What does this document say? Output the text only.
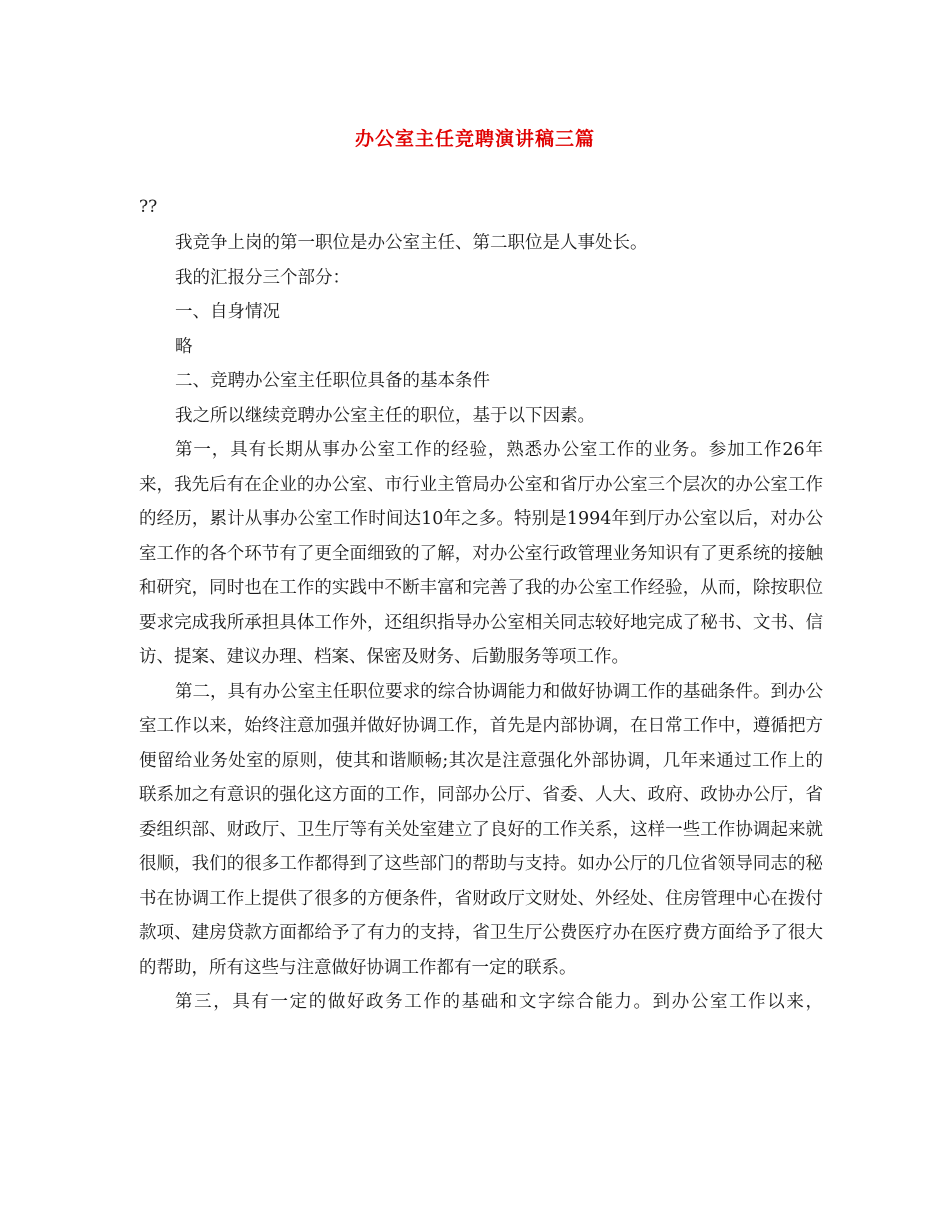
办公室主任竞聘演讲稿三篇
??

我竞争上岗的第一职位是办公室主任、第二职位是人事处长。

我的汇报分三个部分：

一、自身情况

略

二、竞聘办公室主任职位具备的基本条件

我之所以继续竞聘办公室主任的职位，基于以下因素。

第一，具有长期从事办公室工作的经验，熟悉办公室工作的业务。参加工作26年来，我先后有在企业的办公室、市行业主管局办公室和省厅办公室三个层次的办公室工作的经历，累计从事办公室工作时间达10年之多。特别是1994年到厅办公室以后，对办公室工作的各个环节有了更全面细致的了解，对办公室行政管理业务知识有了更系统的接触和研究，同时也在工作的实践中不断丰富和完善了我的办公室工作经验，从而，除按职位要求完成我所承担具体工作外，还组织指导办公室相关同志较好地完成了秘书、文书、信访、提案、建议办理、档案、保密及财务、后勤服务等项工作。

第二，具有办公室主任职位要求的综合协调能力和做好协调工作的基础条件。到办公室工作以来，始终注意加强并做好协调工作，首先是内部协调，在日常工作中，遵循把方便留给业务处室的原则，使其和谐顺畅;其次是注意强化外部协调，几年来通过工作上的联系加之有意识的强化这方面的工作，同部办公厅、省委、人大、政府、政协办公厅，省委组织部、财政厅、卫生厅等有关处室建立了良好的工作关系，这样一些工作协调起来就很顺，我们的很多工作都得到了这些部门的帮助与支持。如办公厅的几位省领导同志的秘书在协调工作上提供了很多的方便条件，省财政厅文财处、外经处、住房管理中心在拨付款项、建房贷款方面都给予了有力的支持，省卫生厅公费医疗办在医疗费方面给予了很大的帮助，所有这些与注意做好协调工作都有一定的联系。

第三，具有一定的做好政务工作的基础和文字综合能力。到办公室工作以来，
